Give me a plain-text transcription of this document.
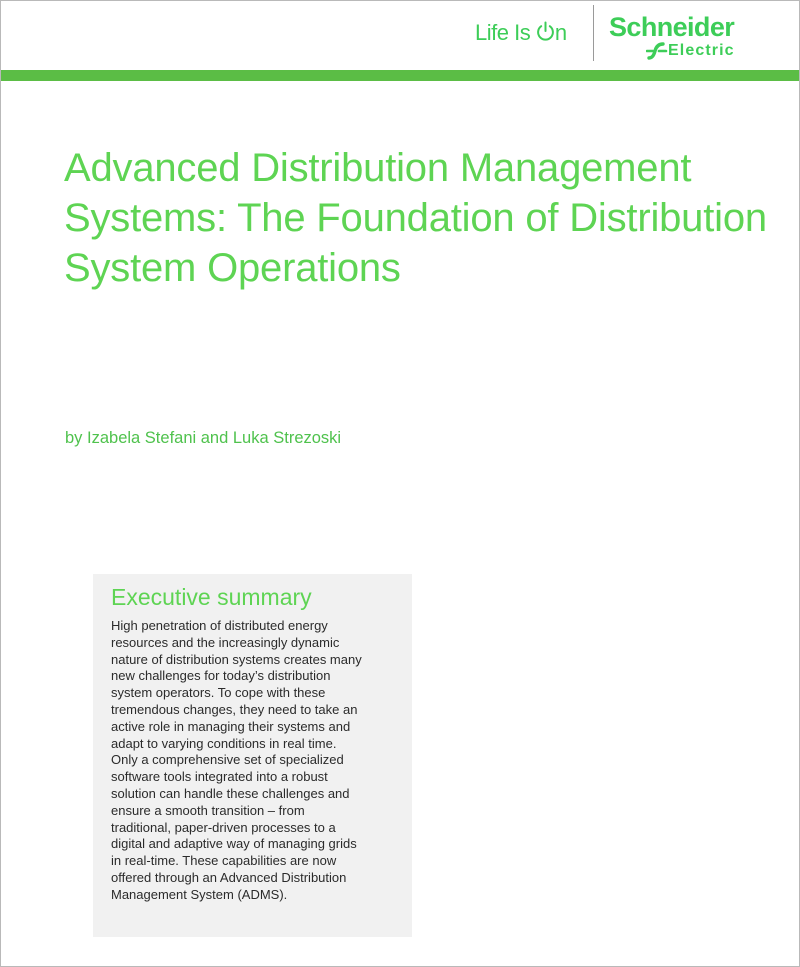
Life Is n Schneider
Electric
Advanced Distribution Management Systems: The Foundation of Distribution System Operations
by Izabela Stefani and Luka Strezoski
Executive summary

High penetration of distributed energy
resources and the increasingly dynamic
nature of distribution systems creates many
new challenges for today’s distribution
system operators. To cope with these
tremendous changes, they need to take an
active role in managing their systems and
adapt to varying conditions in real time.
Only a comprehensive set of specialized
software tools integrated into a robust
solution can handle these challenges and
ensure a smooth transition – from
traditional, paper-driven processes to a
digital and adaptive way of managing grids
in real-time. These capabilities are now
offered through an Advanced Distribution
Management System (ADMS).
